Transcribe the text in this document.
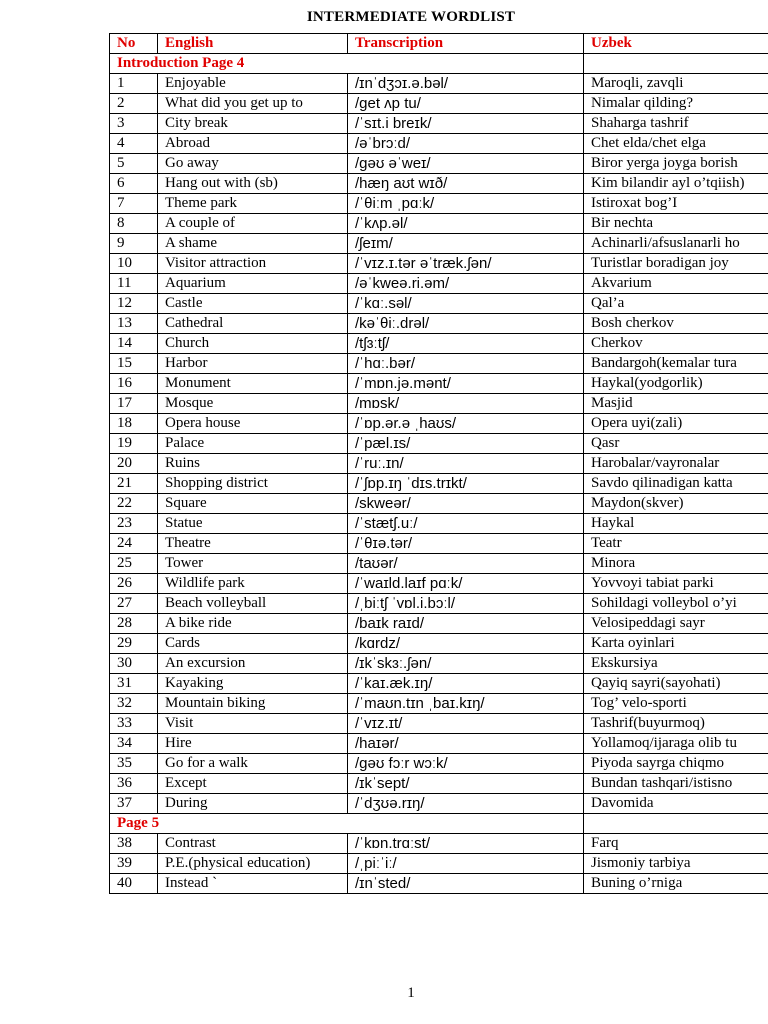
INTERMEDIATE WORDLIST
No	English	Transcription	Uzbek
Introduction Page 4			
1	Enjoyable	/ɪnˈdʒɔɪ.ə.bəl/	Maroqli, zavqli
2	What did you get up to	/get ʌp tu/	Nimalar qilding?
3	City break	/ˈsɪt.i breɪk/	Shaharga tashrif
4	Abroad	/əˈbrɔːd/	Chet elda/chet elga
5	Go away	/ɡəʊ əˈweɪ/	Biror yerga joyga borish
6	Hang out with (sb)	/hæŋ aʊt wɪð/	Kim bilandir ayl o’tqiish)
7	Theme park	/ˈθiːm ˌpɑːk/	Istiroxat bog’I
8	A couple of	/ˈkʌp.əl/	Bir nechta
9	A shame	/ʃeɪm/	Achinarli/afsuslanarli ho
10	Visitor attraction	/ˈvɪz.ɪ.tər əˈtræk.ʃən/	Turistlar boradigan joy
11	Aquarium	/əˈkweə.ri.əm/	Akvarium
12	Castle	/ˈkɑː.səl/	Qal’a
13	Cathedral	/kəˈθiː.drəl/	Bosh cherkov
14	Church	/tʃɜːtʃ/	Cherkov
15	Harbor	/ˈhɑː.bər/	Bandargoh(kemalar tura
16	Monument	/ˈmɒn.jə.mənt/	Haykal(yodgorlik)
17	Mosque	/mɒsk/	Masjid
18	Opera house	/ˈɒp.ər.ə ˌhaʊs/	Opera uyi(zali)
19	Palace	/ˈpæl.ɪs/	Qasr
20	Ruins	/ˈruː.ɪn/	Harobalar/vayronalar
21	Shopping district	/ˈʃɒp.ɪŋ ˈdɪs.trɪkt/	Savdo qilinadigan katta
22	Square	/skweər/	Maydon(skver)
23	Statue	/ˈstætʃ.uː/	Haykal
24	Theatre	/ˈθɪə.tər/	Teatr
25	Tower	/taʊər/	Minora
26	Wildlife park	/ˈwaɪld.laɪf pɑːk/	Yovvoyi tabiat parki
27	Beach volleyball	/ˌbiːtʃ ˈvɒl.i.bɔːl/	Sohildagi volleybol o’yi
28	A bike ride	/baɪk raɪd/	Velosipeddagi sayr
29	Cards	/kɑrdz/	Karta oyinlari
30	An excursion	/ɪkˈskɜː.ʃən/	Ekskursiya
31	Kayaking	/ˈkaɪ.æk.ɪŋ/	Qayiq sayri(sayohati)
32	Mountain biking	/ˈmaʊn.tɪn ˌbaɪ.kɪŋ/	Tog’ velo-sporti
33	Visit	/ˈvɪz.ɪt/	Tashrif(buyurmoq)
34	Hire	/haɪər/	Yollamoq/ijaraga olib tu
35	Go for a walk	/ɡəʊ fɔːr wɔːk/	Piyoda sayrga chiqmo
36	Except	/ɪkˈsept/	Bundan tashqari/istisno
37	During	/ˈdʒʊə.rɪŋ/	Davomida
Page 5			
38	Contrast	/ˈkɒn.trɑːst/	Farq
39	P.E.(physical education)	/ˌpiːˈiː/	Jismoniy tarbiya
40	Instead `	/ɪnˈsted/	Buning o’rniga
1
